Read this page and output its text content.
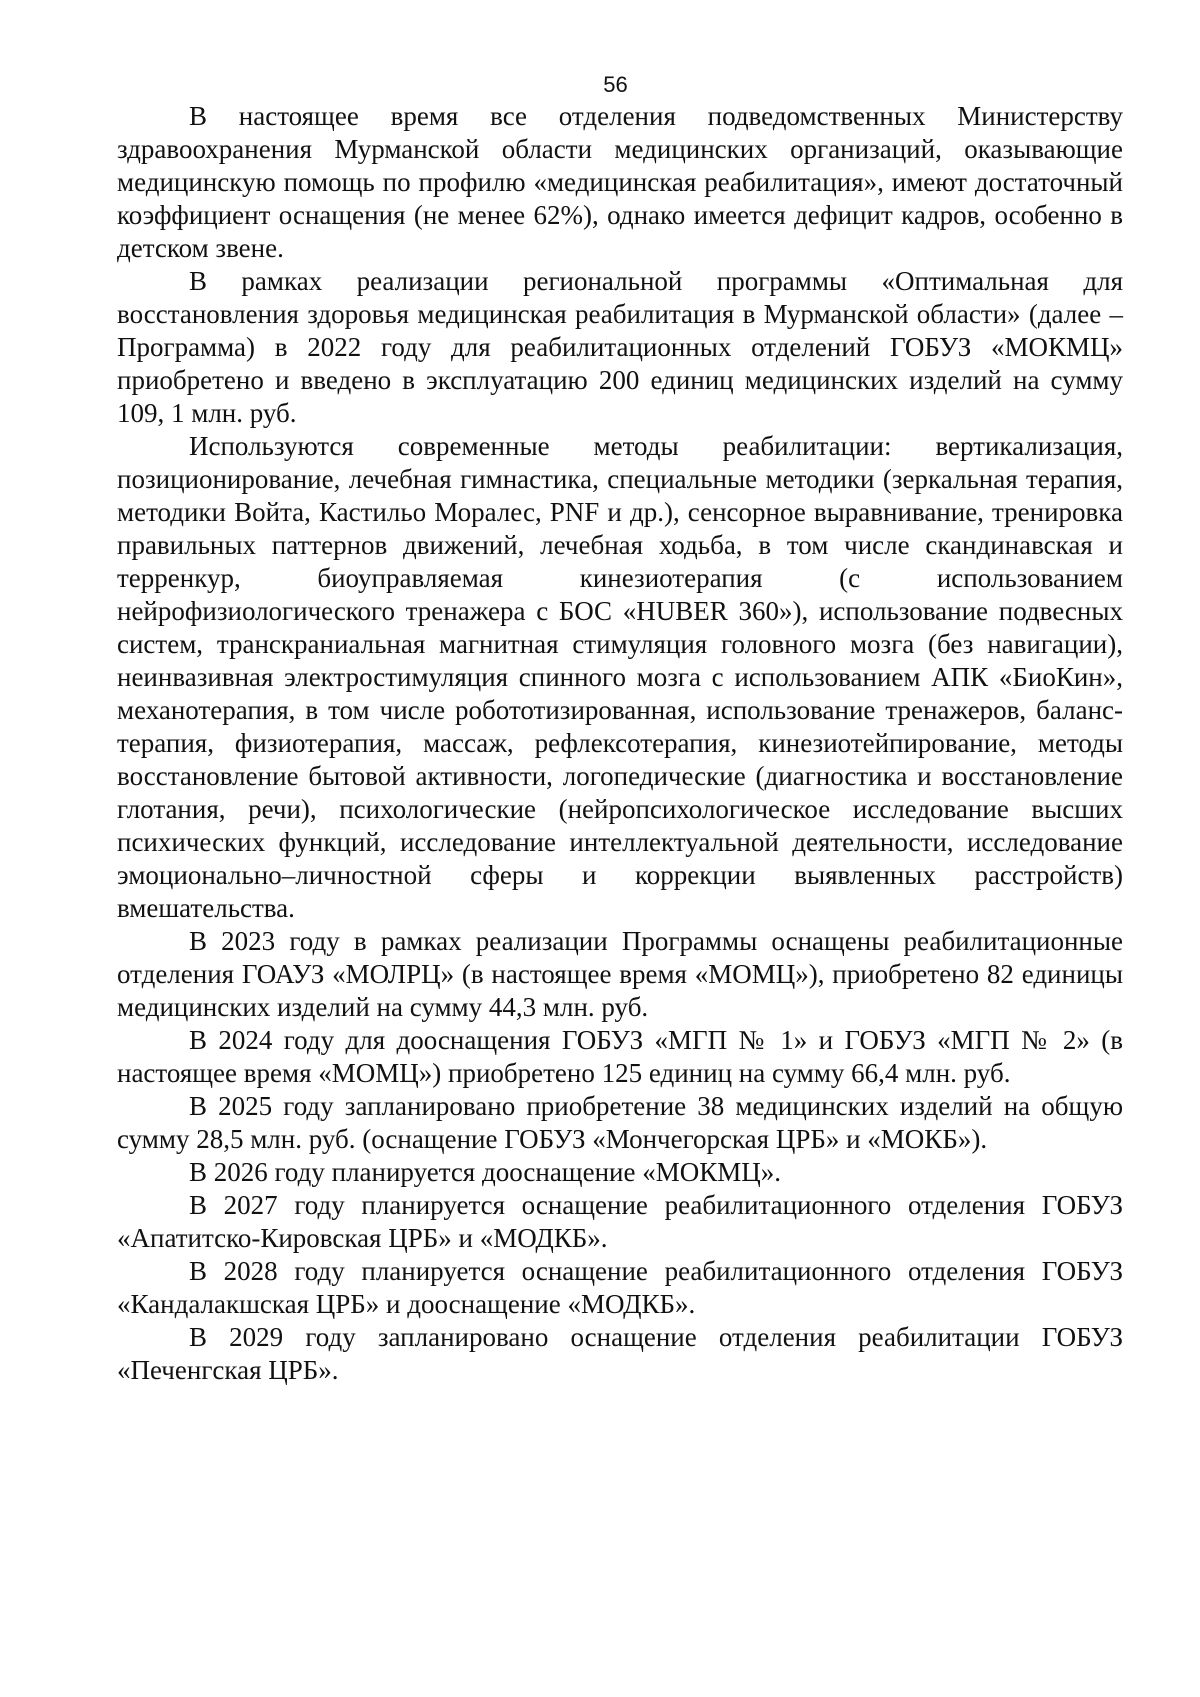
56

В настоящее время все отделения подведомственных Министерству здравоохранения Мурманской области медицинских организаций, оказывающие медицинскую помощь по профилю «медицинская реабилитация», имеют достаточный коэффициент оснащения (не менее 62%), однако имеется дефицит кадров, особенно в детском звене.

В рамках реализации региональной программы «Оптимальная для восстановления здоровья медицинская реабилитация в Мурманской области» (далее – Программа) в 2022 году для реабилитационных отделений ГОБУЗ «МОКМЦ» приобретено и введено в эксплуатацию 200 единиц медицинских изделий на сумму 109, 1 млн. руб.

Используются современные методы реабилитации: вертикализация, позиционирование, лечебная гимнастика, специальные методики (зеркальная терапия, методики Войта, Кастильо Моралес, PNF и др.), сенсорное выравнивание, тренировка правильных паттернов движений, лечебная ходьба, в том числе скандинавская и терренкур, биоуправляемая кинезиотерапия (с использованием нейрофизиологического тренажера с БОС «HUBER 360»), использование подвесных систем, транскраниальная магнитная стимуляция головного мозга (без навигации), неинвазивная электростимуляция спинного мозга с использованием АПК «БиоКин», механотерапия, в том числе робототизированная, использование тренажеров, баланс-терапия, физиотерапия, массаж, рефлексотерапия, кинезиотейпирование, методы восстановление бытовой активности, логопедические (диагностика и восстановление глотания, речи), психологические (нейропсихологическое исследование высших психических функций, исследование интеллектуальной деятельности, исследование эмоционально–личностной сферы и коррекции выявленных расстройств) вмешательства.

В 2023 году в рамках реализации Программы оснащены реабилитационные отделения ГОАУЗ «МОЛРЦ» (в настоящее время «МОМЦ»), приобретено 82 единицы медицинских изделий на сумму 44,3 млн. руб.

В 2024 году для дооснащения ГОБУЗ «МГП № 1» и ГОБУЗ «МГП № 2» (в настоящее время «МОМЦ») приобретено 125 единиц на сумму 66,4 млн. руб.

В 2025 году запланировано приобретение 38 медицинских изделий на общую сумму 28,5 млн. руб. (оснащение ГОБУЗ «Мончегорская ЦРБ» и «МОКБ»).

В 2026 году планируется дооснащение «МОКМЦ».

В 2027 году планируется оснащение реабилитационного отделения ГОБУЗ «Апатитско-Кировская ЦРБ» и «МОДКБ».

В 2028 году планируется оснащение реабилитационного отделения ГОБУЗ «Кандалакшская ЦРБ» и дооснащение «МОДКБ».

В 2029 году запланировано оснащение отделения реабилитации ГОБУЗ «Печенгская ЦРБ».
